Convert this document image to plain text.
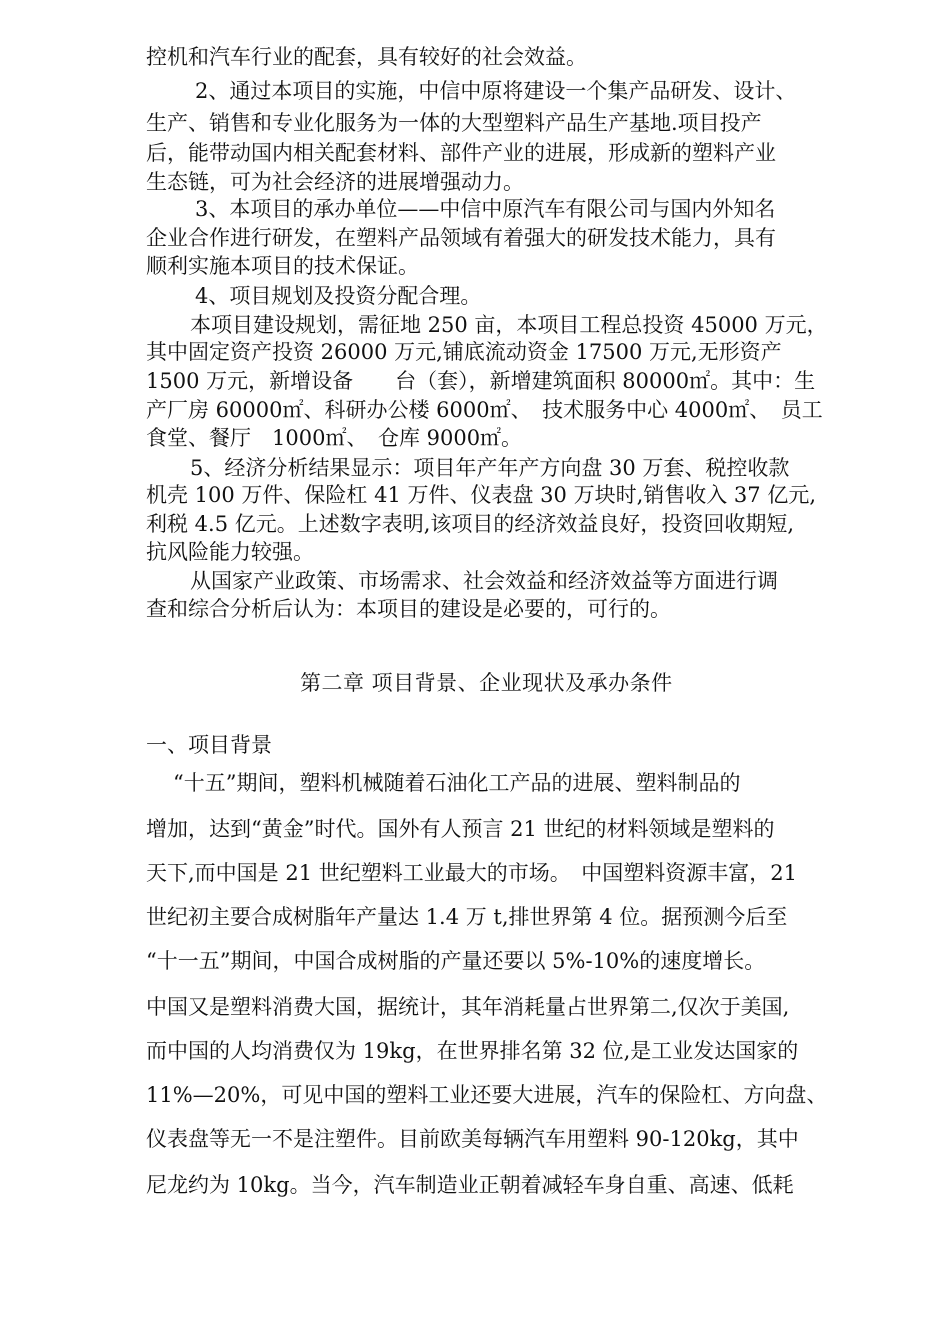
控机和汽车行业的配套，具有较好的社会效益。
2、通过本项目的实施，中信中原将建设一个集产品研发、设计、
生产、销售和专业化服务为一体的大型塑料产品生产基地.项目投产
后，能带动国内相关配套材料、部件产业的进展，形成新的塑料产业
生态链，可为社会经济的进展增强动力。
3、本项目的承办单位——中信中原汽车有限公司与国内外知名
企业合作进行研发，在塑料产品领域有着强大的研发技术能力，具有
顺利实施本项目的技术保证。
4、项目规划及投资分配合理。
本项目建设规划，需征地 250 亩，本项目工程总投资 45000 万元，
其中固定资产投资 26000 万元,铺底流动资金 17500 万元,无形资产
1500 万元，新增设备　　台（套），新增建筑面积 80000㎡。其中：生
产厂房 60000㎡、科研办公楼 6000㎡、　技术服务中心 4000㎡、　员工
食堂、餐厅　1000㎡、　仓库 9000㎡。
5、经济分析结果显示：项目年产年产方向盘 30 万套、税控收款
机壳 100 万件、保险杠 41 万件、仪表盘 30 万块时,销售收入 37 亿元,
利税 4.5 亿元。上述数字表明,该项目的经济效益良好，投资回收期短,
抗风险能力较强。
从国家产业政策、市场需求、社会效益和经济效益等方面进行调
查和综合分析后认为：本项目的建设是必要的，可行的。
第二章 项目背景、企业现状及承办条件
一、项目背景
“十五”期间，塑料机械随着石油化工产品的进展、塑料制品的
增加，达到“黄金”时代。国外有人预言 21 世纪的材料领域是塑料的
天下,而中国是 21 世纪塑料工业最大的市场。　中国塑料资源丰富，21
世纪初主要合成树脂年产量达 1.4 万 t,排世界第 4 位。据预测今后至
“十一五”期间，中国合成树脂的产量还要以 5%-10%的速度增长。
中国又是塑料消费大国，据统计，其年消耗量占世界第二,仅次于美国,
而中国的人均消费仅为 19kg，在世界排名第 32 位,是工业发达国家的
11%—20%，可见中国的塑料工业还要大进展，汽车的保险杠、方向盘、
仪表盘等无一不是注塑件。目前欧美每辆汽车用塑料 90-120kg，其中
尼龙约为 10kg。当今，汽车制造业正朝着减轻车身自重、高速、低耗
